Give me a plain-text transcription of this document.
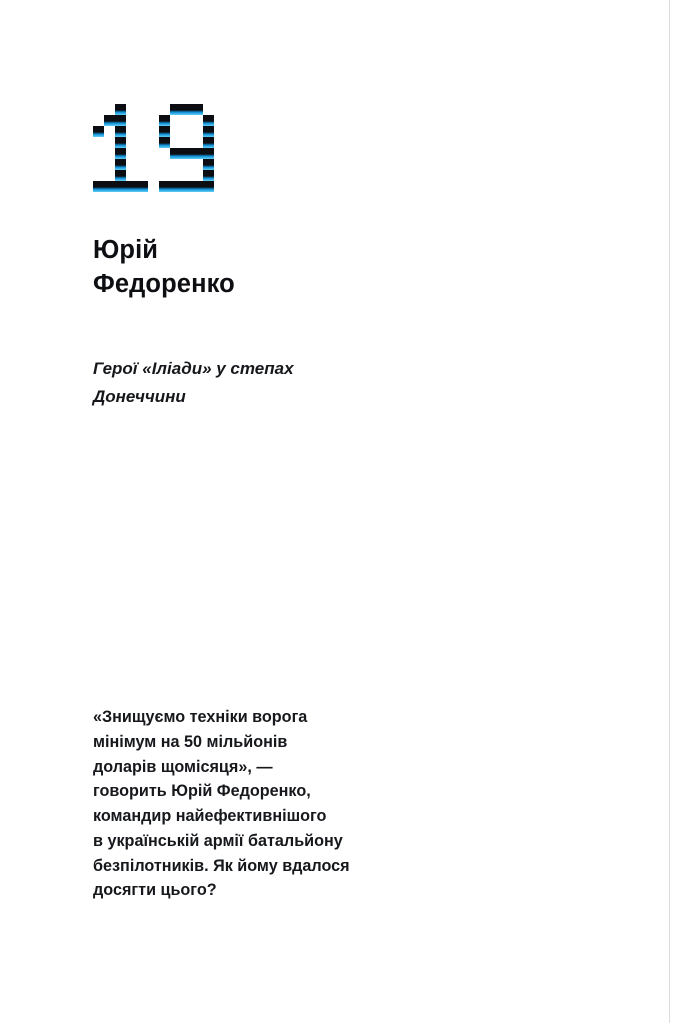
Юрій
Федоренко
Герої «Іліади» у степах
Донеччини
«Знищуємо техніки ворога
мінімум на 50 мільйонів
доларів щомісяця», —
говорить Юрій Федоренко,
командир найефективнішого
в українській армії батальйону
безпілотників. Як йому вдалося
досягти цього?
